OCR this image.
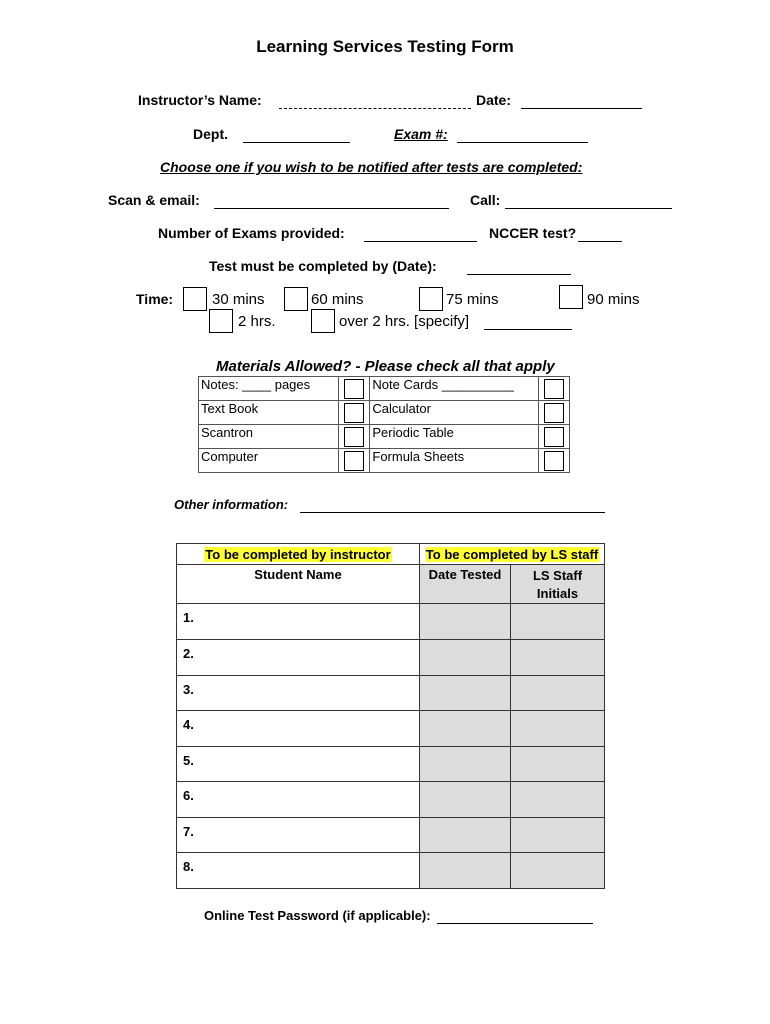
Learning Services Testing Form
Instructor’s Name:	Date:
Dept.	Exam #:
Choose one if you wish to be notified after tests are completed:
Scan & email:	Call:
Number of Exams provided:	NCCER test?
Test must be completed by (Date):
Time:	30 mins	60 mins	75 mins	90 mins
2 hrs.	over 2 hrs. [specify]
Materials Allowed? - Please check all that apply
Notes: ____ pages		Note Cards __________	

Text Book		Calculator	

Scantron		Periodic Table	

Computer		Formula Sheets	
Other information:
To be completed by instructor	To be completed by LS staff	
Student Name	Date Tested	LS Staff Initials
1.		
2.		
3.		
4.		
5.		
6.		
7.		
8.		
Online Test Password (if applicable):
